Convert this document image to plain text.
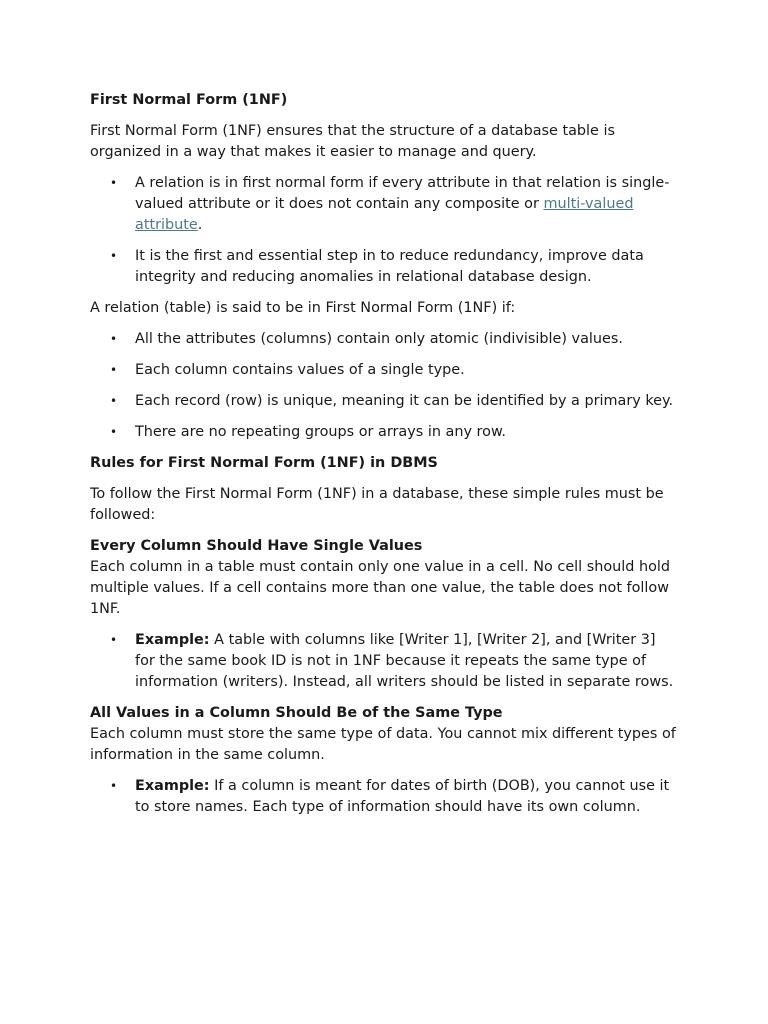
First Normal Form (1NF)

First Normal Form (1NF) ensures that the structure of a database table is organized in a way that makes it easier to manage and query.

• A relation is in first normal form if every attribute in that relation is single-valued attribute or it does not contain any composite or multi-valued attribute.
• It is the first and essential step in to reduce redundancy, improve data integrity and reducing anomalies in relational database design.

A relation (table) is said to be in First Normal Form (1NF) if:

• All the attributes (columns) contain only atomic (indivisible) values.
• Each column contains values of a single type.
• Each record (row) is unique, meaning it can be identified by a primary key.
• There are no repeating groups or arrays in any row.

Rules for First Normal Form (1NF) in DBMS

To follow the First Normal Form (1NF) in a database, these simple rules must be followed:

Every Column Should Have Single Values

Each column in a table must contain only one value in a cell. No cell should hold multiple values. If a cell contains more than one value, the table does not follow 1NF.

• Example: A table with columns like [Writer 1], [Writer 2], and [Writer 3] for the same book ID is not in 1NF because it repeats the same type of information (writers). Instead, all writers should be listed in separate rows.

All Values in a Column Should Be of the Same Type

Each column must store the same type of data. You cannot mix different types of information in the same column.

• Example: If a column is meant for dates of birth (DOB), you cannot use it to store names. Each type of information should have its own column.
